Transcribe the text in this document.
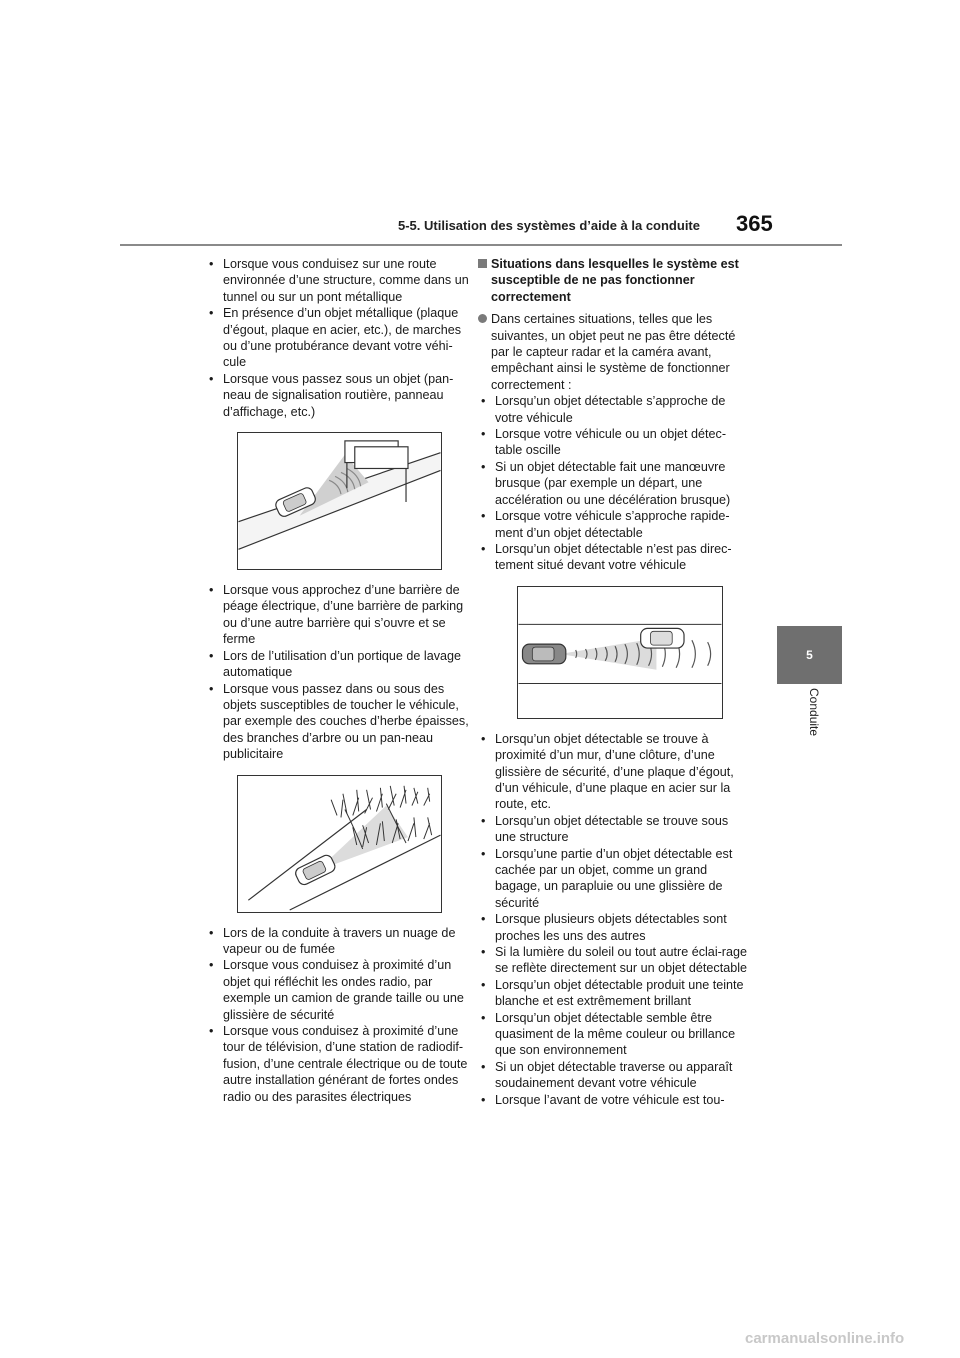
5-5. Utilisation des systèmes d’aide à la conduite 365
5
Conduite
• Lorsque vous conduisez sur une route environnée d’une structure, comme dans un tunnel ou sur un pont métallique
• En présence d’un objet métallique (plaque d’égout, plaque en acier, etc.), de marches ou d’une protubérance devant votre véhi-cule
• Lorsque vous passez sous un objet (pan-neau de signalisation routière, panneau d’affichage, etc.)
• Lorsque vous approchez d’une barrière de péage électrique, d’une barrière de parking ou d’une autre barrière qui s’ouvre et se ferme
• Lors de l’utilisation d’un portique de lavage automatique
• Lorsque vous passez dans ou sous des objets susceptibles de toucher le véhicule, par exemple des couches d’herbe épaisses, des branches d’arbre ou un pan-neau publicitaire
• Lors de la conduite à travers un nuage de vapeur ou de fumée
• Lorsque vous conduisez à proximité d’un objet qui réfléchit les ondes radio, par exemple un camion de grande taille ou une glissière de sécurité
• Lorsque vous conduisez à proximité d’une tour de télévision, d’une station de radiodif-fusion, d’une centrale électrique ou de toute autre installation générant de fortes ondes radio ou des parasites électriques
Situations dans lesquelles le système est susceptible de ne pas fonctionner correctement
Dans certaines situations, telles que les suivantes, un objet peut ne pas être détecté par le capteur radar et la caméra avant, empêchant ainsi le système de fonctionner correctement :
• Lorsqu’un objet détectable s’approche de votre véhicule
• Lorsque votre véhicule ou un objet détec-table oscille
• Si un objet détectable fait une manœuvre brusque (par exemple un départ, une accélération ou une décélération brusque)
• Lorsque votre véhicule s’approche rapide-ment d’un objet détectable
• Lorsqu’un objet détectable n’est pas direc-tement situé devant votre véhicule
• Lorsqu’un objet détectable se trouve à proximité d’un mur, d’une clôture, d’une glissière de sécurité, d’une plaque d’égout, d’un véhicule, d’une plaque en acier sur la route, etc.
• Lorsqu’un objet détectable se trouve sous une structure
• Lorsqu’une partie d’un objet détectable est cachée par un objet, comme un grand bagage, un parapluie ou une glissière de sécurité
• Lorsque plusieurs objets détectables sont proches les uns des autres
• Si la lumière du soleil ou tout autre éclai-rage se reflète directement sur un objet détectable
• Lorsqu’un objet détectable produit une teinte blanche et est extrêmement brillant
• Lorsqu’un objet détectable semble être quasiment de la même couleur ou brillance que son environnement
• Si un objet détectable traverse ou apparaît soudainement devant votre véhicule
• Lorsque l’avant de votre véhicule est tou-
carmanualsonline.info
